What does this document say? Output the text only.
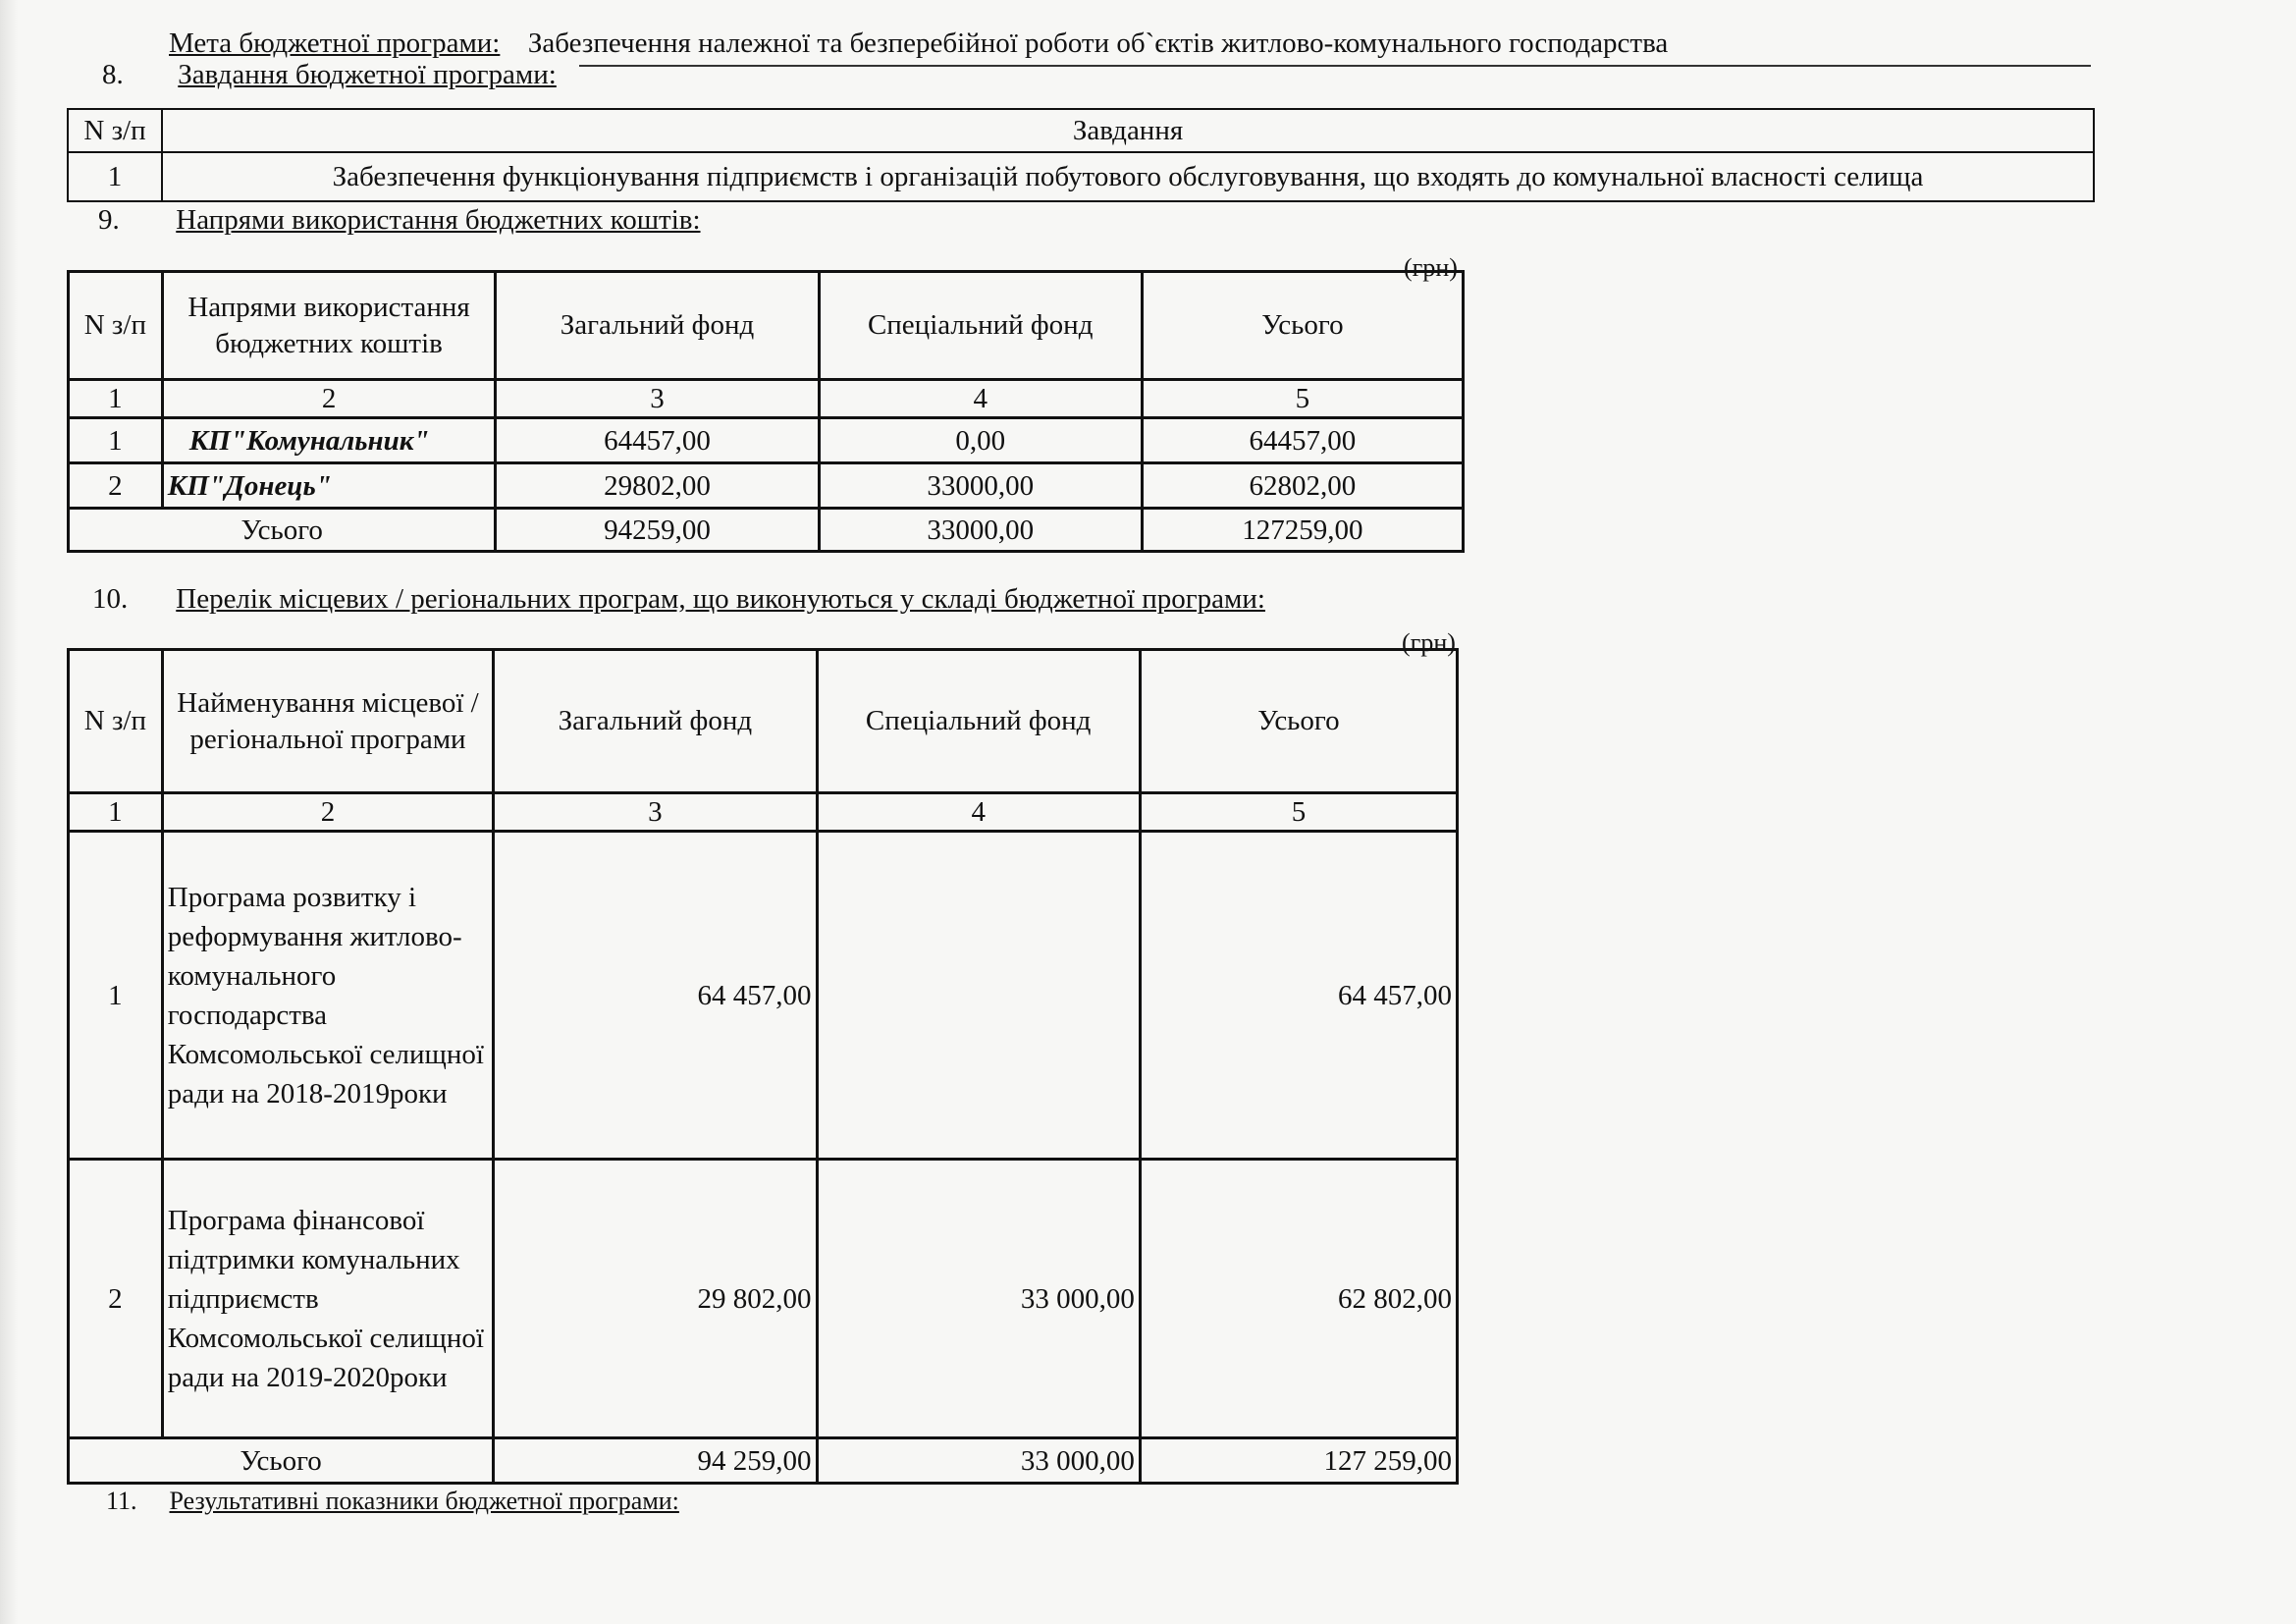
Мета бюджетної програми: Забезпечення належної та безперебійної роботи об`єктів житлово-комунального господарства
8. Завдання бюджетної програми:
N з/п	Завдання
1	Забезпечення функціонування підприємств і організацій побутового обслуговування, що входять до комунальної власності селища
9. Напрями використання бюджетних коштів:
(грн)
N з/п	Напрями використання бюджетних коштів	Загальний фонд	Спеціальний фонд	Усього
1	2	3	4	5
1	КП"Комунальник"	64457,00	0,00	64457,00
2	КП"Донець"	29802,00	33000,00	62802,00
Усього		94259,00	33000,00	127259,00
10. Перелік місцевих / регіональних програм, що виконуються у складі бюджетної програми:
(грн)
N з/п	Найменування місцевої / регіональної програми	Загальний фонд	Спеціальний фонд	Усього
1	2	3	4	5
1	Програма розвитку і реформування житлово-комунального господарства Комсомольської селищної ради на 2018-2019роки	64 457,00		64 457,00
2	Програма фінансової підтримки комунальних підприємств Комсомольської селищної ради на 2019-2020роки	29 802,00	33 000,00	62 802,00
Усього		94 259,00	33 000,00	127 259,00
11. Результативні показники бюджетної програми:
